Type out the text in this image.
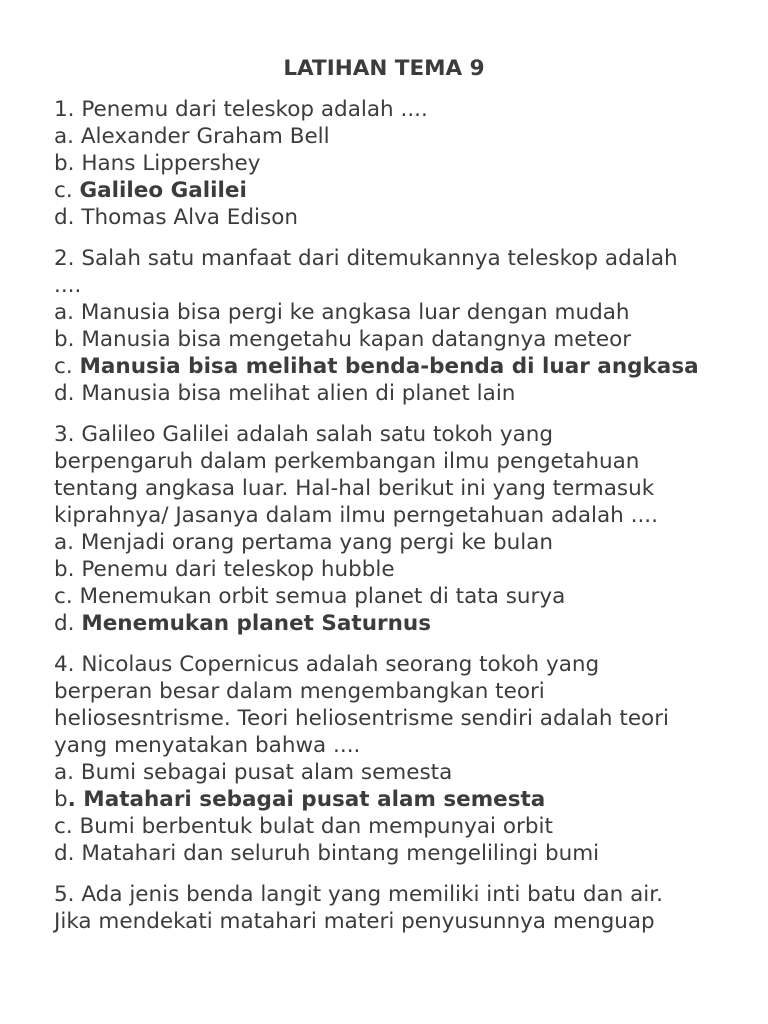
LATIHAN TEMA 9
1. Penemu dari teleskop adalah ....
a. Alexander Graham Bell
b. Hans Lippershey
c. Galileo Galilei
d. Thomas Alva Edison
2. Salah satu manfaat dari ditemukannya teleskop adalah
....
a. Manusia bisa pergi ke angkasa luar dengan mudah
b. Manusia bisa mengetahu kapan datangnya meteor
c. Manusia bisa melihat benda-benda di luar angkasa
d. Manusia bisa melihat alien di planet lain
3. Galileo Galilei adalah salah satu tokoh yang
berpengaruh dalam perkembangan ilmu pengetahuan
tentang angkasa luar. Hal-hal berikut ini yang termasuk
kiprahnya/ Jasanya dalam ilmu perngetahuan adalah ....
a. Menjadi orang pertama yang pergi ke bulan
b. Penemu dari teleskop hubble
c. Menemukan orbit semua planet di tata surya
d. Menemukan planet Saturnus
4. Nicolaus Copernicus adalah seorang tokoh yang
berperan besar dalam mengembangkan teori
heliosesntrisme. Teori heliosentrisme sendiri adalah teori
yang menyatakan bahwa ....
a. Bumi sebagai pusat alam semesta
b. Matahari sebagai pusat alam semesta
c. Bumi berbentuk bulat dan mempunyai orbit
d. Matahari dan seluruh bintang mengelilingi bumi
5. Ada jenis benda langit yang memiliki inti batu dan air.
Jika mendekati matahari materi penyusunnya menguap
